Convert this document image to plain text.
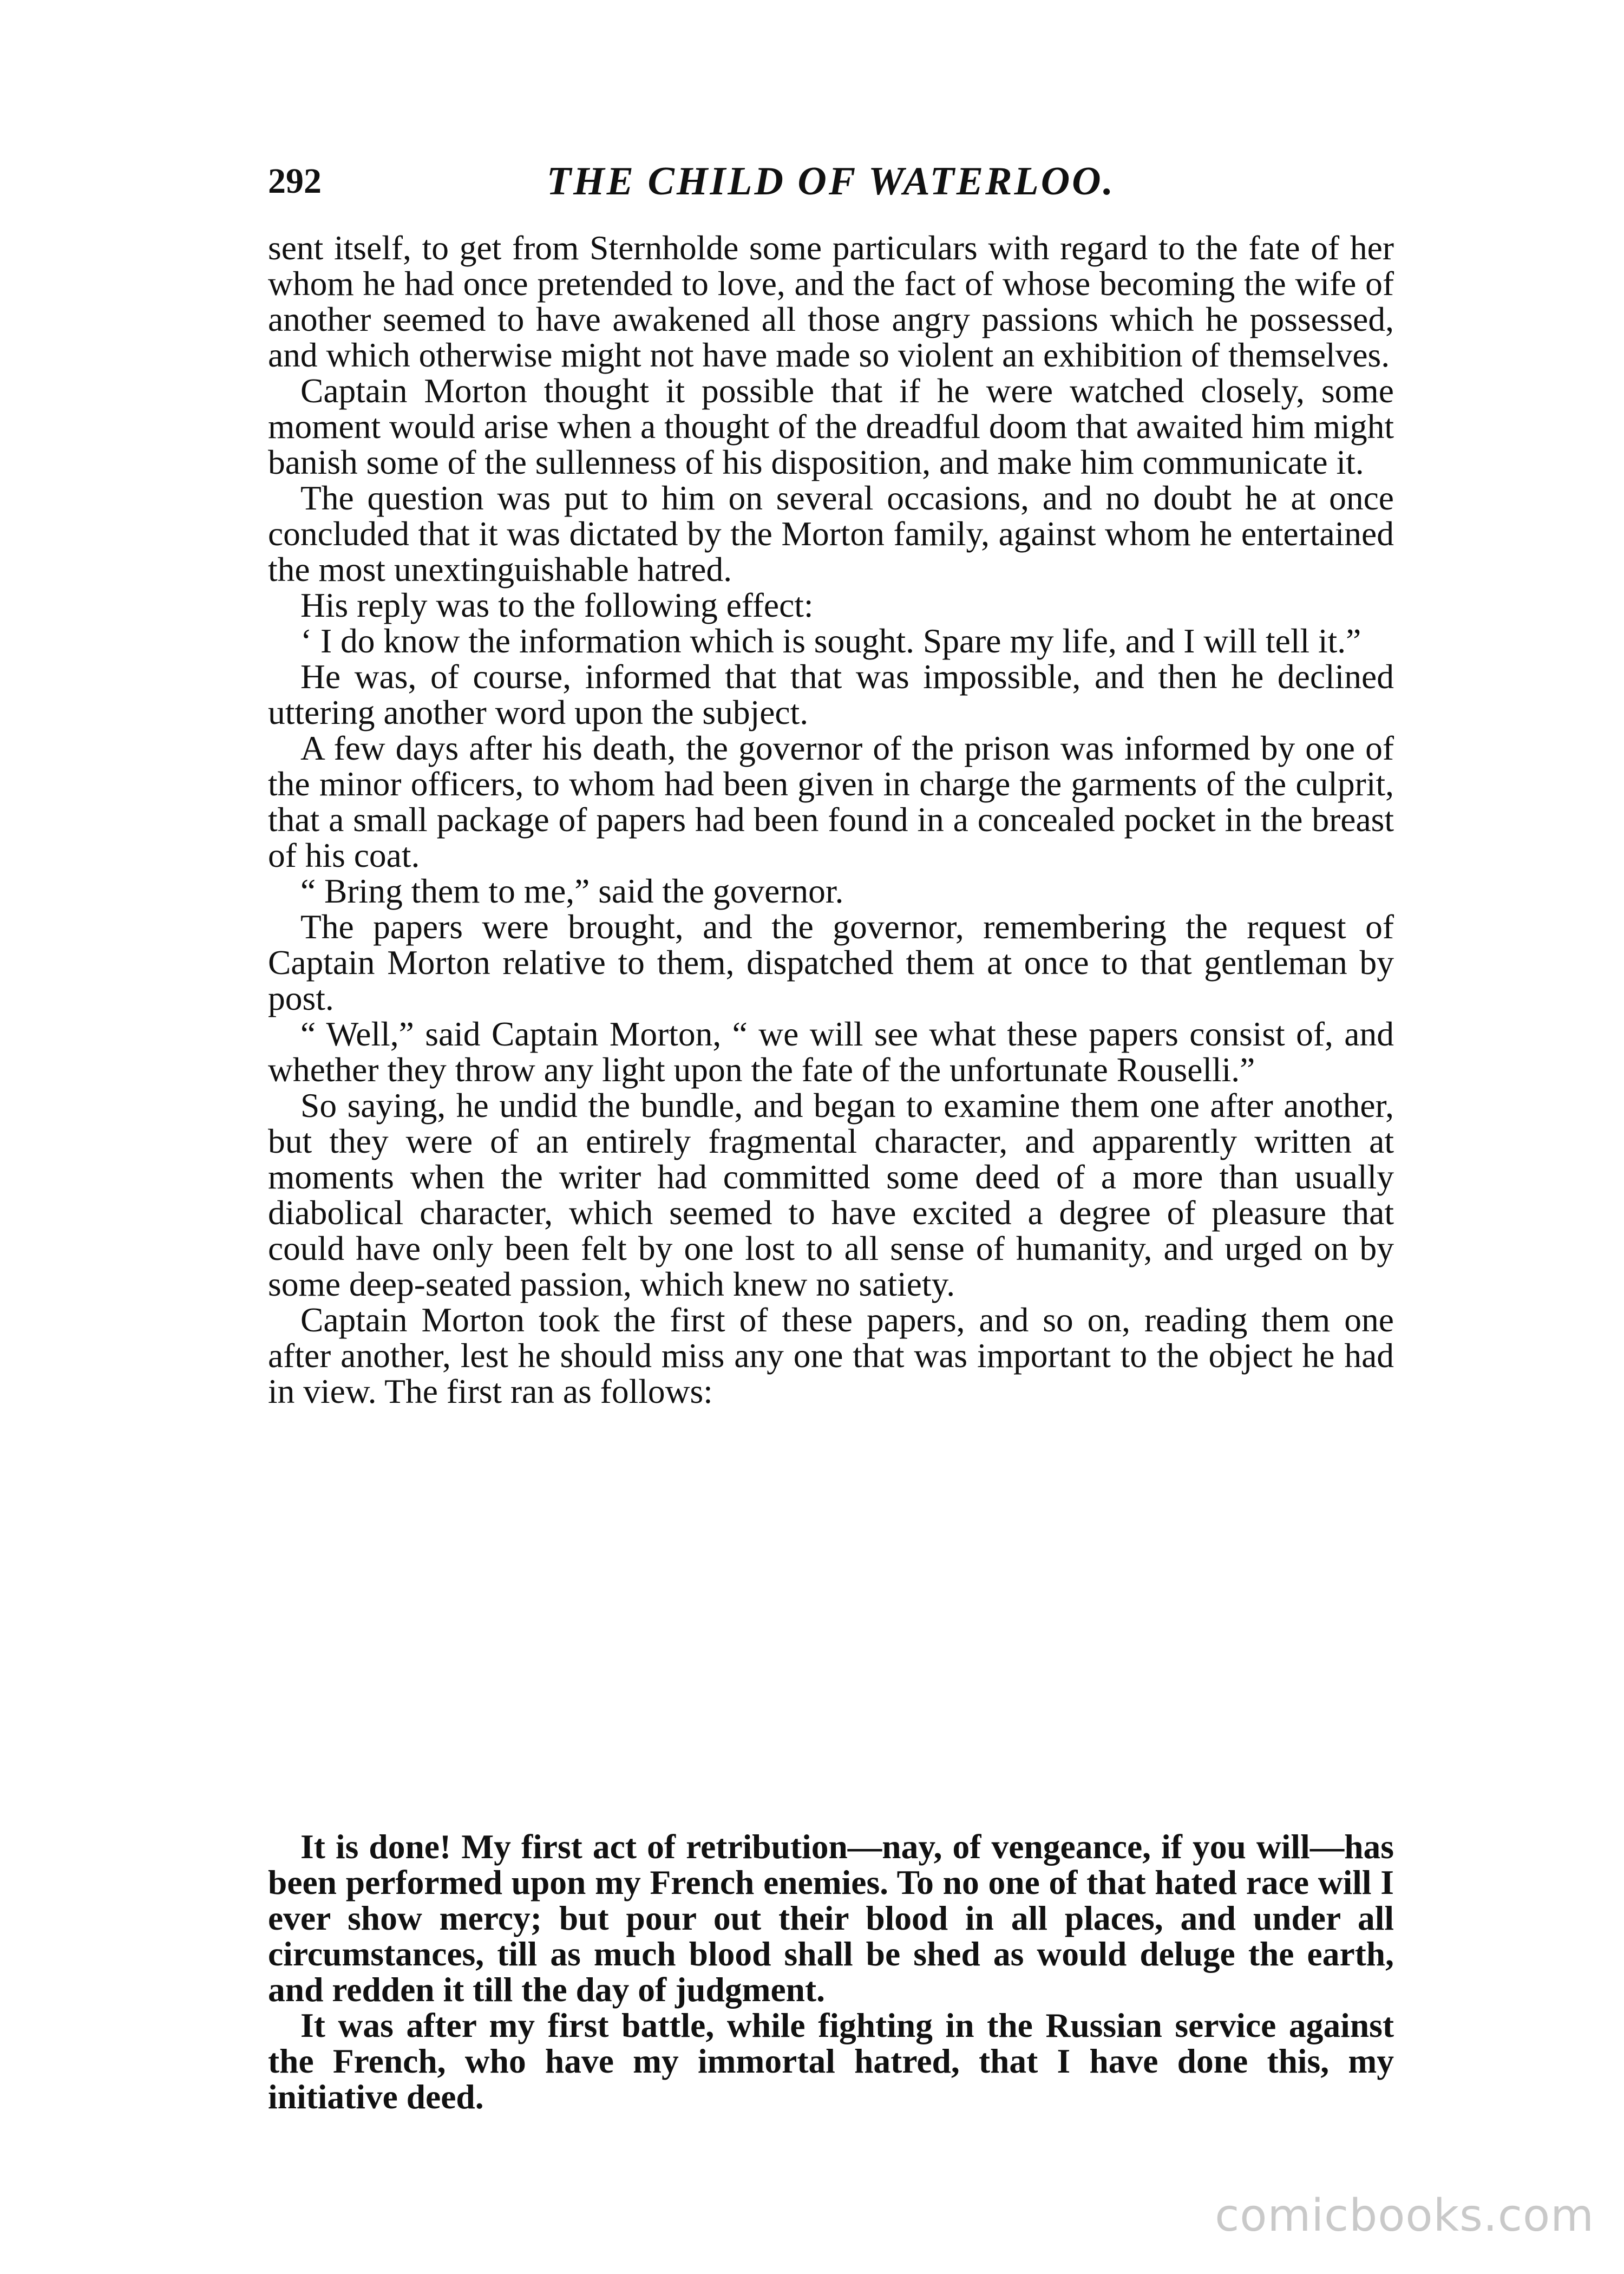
292	THE CHILD OF WATERLOO.

sent itself, to get from Sternholde some particulars with regard to the fate of her whom he had once pretended to love, and the fact of whose becoming the wife of another seemed to have awakened all those angry passions which he possessed, and which otherwise might not have made so violent an exhibition of themselves.

Captain Morton thought it possible that if he were watched closely, some moment would arise when a thought of the dreadful doom that awaited him might banish some of the sullenness of his disposition, and make him communicate it.

The question was put to him on several occasions, and no doubt he at once concluded that it was dictated by the Morton family, against whom he entertained the most unextinguishable hatred.

His reply was to the following effect:

‘ I do know the information which is sought. Spare my life, and I will tell it.”

He was, of course, informed that that was impossible, and then he declined uttering another word upon the subject.

A few days after his death, the governor of the prison was informed by one of the minor officers, to whom had been given in charge the garments of the culprit, that a small package of papers had been found in a concealed pocket in the breast of his coat.

“ Bring them to me,” said the governor.

The papers were brought, and the governor, remembering the request of Captain Morton relative to them, dispatched them at once to that gentleman by post.

“ Well,” said Captain Morton, “ we will see what these papers consist of, and whether they throw any light upon the fate of the unfortunate Rouselli.”

So saying, he undid the bundle, and began to examine them one after another, but they were of an entirely fragmental character, and apparently written at moments when the writer had committed some deed of a more than usually diabolical character, which seemed to have excited a degree of pleasure that could have only been felt by one lost to all sense of humanity, and urged on by some deep-seated passion, which knew no satiety.

Captain Morton took the first of these papers, and so on, reading them one after another, lest he should miss any one that was important to the object he had in view. The first ran as follows:

It is done! My first act of retribution—nay, of vengeance, if you will—has been performed upon my French enemies. To no one of that hated race will I ever show mercy; but pour out their blood in all places, and under all circumstances, till as much blood shall be shed as would deluge the earth, and redden it till the day of judgment.

It was after my first battle, while fighting in the Russian service against the French, who have my immortal hatred, that I have done this, my initiative deed.

comicbooks.com
